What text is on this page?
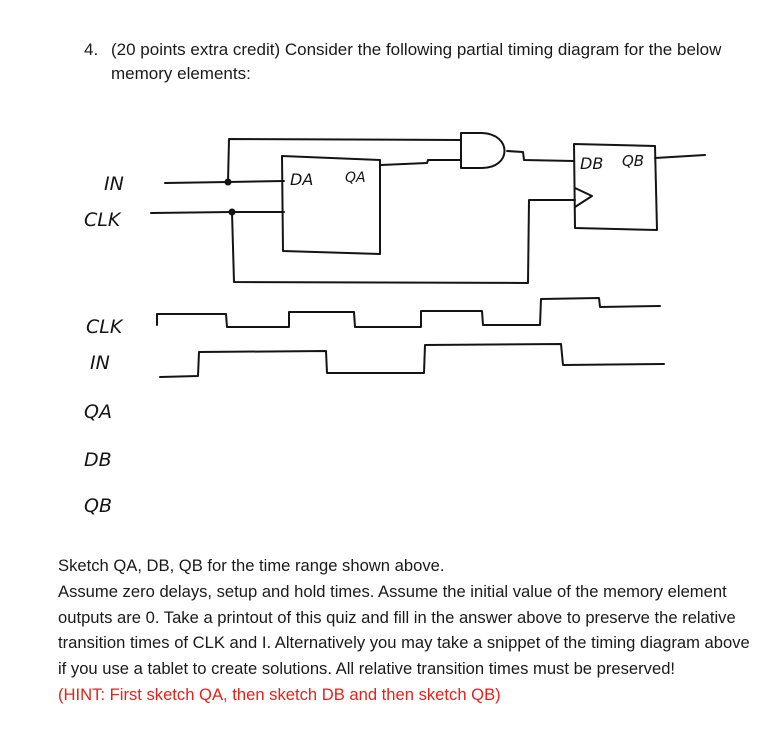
4. (20 points extra credit) Consider the following partial timing diagram for the below memory elements:
IN
CLK
DA QA
DB QB
CLK
IN
QA
DB
QB

Sketch QA, DB, QB for the time range shown above.

Assume zero delays, setup and hold times. Assume the initial value of the memory element outputs are 0. Take a printout of this quiz and fill in the answer above to preserve the relative transition times of CLK and I. Alternatively you may take a snippet of the timing diagram above if you use a tablet to create solutions. All relative transition times must be preserved!

(HINT: First sketch QA, then sketch DB and then sketch QB)
